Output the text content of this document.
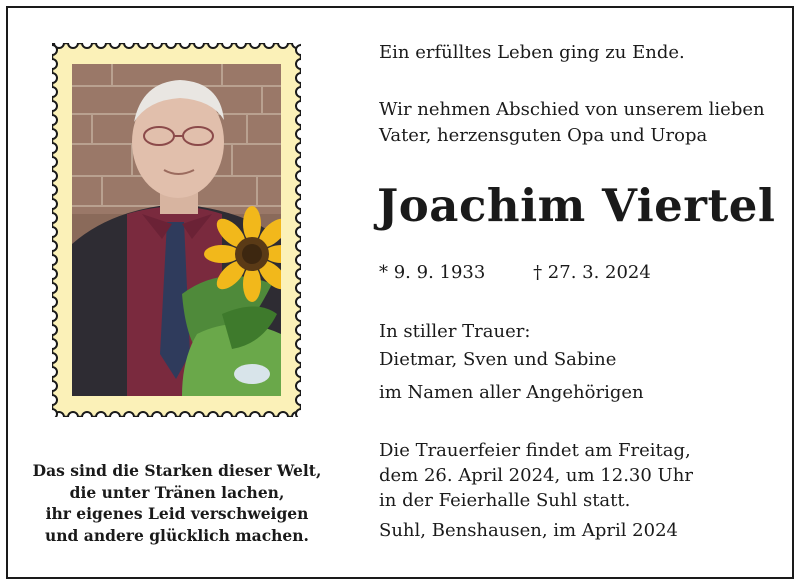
Ein erfülltes Leben ging zu Ende.
Wir nehmen Abschied von unserem lieben
Vater, herzensguten Opa und Uropa
Joachim Viertel
* 9. 9. 1933	† 27. 3. 2024
In stiller Trauer:
Dietmar, Sven und Sabine
im Namen aller Angehörigen
Die Trauerfeier findet am Freitag,
dem 26. April 2024, um 12.30 Uhr
in der Feierhalle Suhl statt.
Suhl, Benshausen, im April 2024
Das sind die Starken dieser Welt,
die unter Tränen lachen,
ihr eigenes Leid verschweigen
und andere glücklich machen.
